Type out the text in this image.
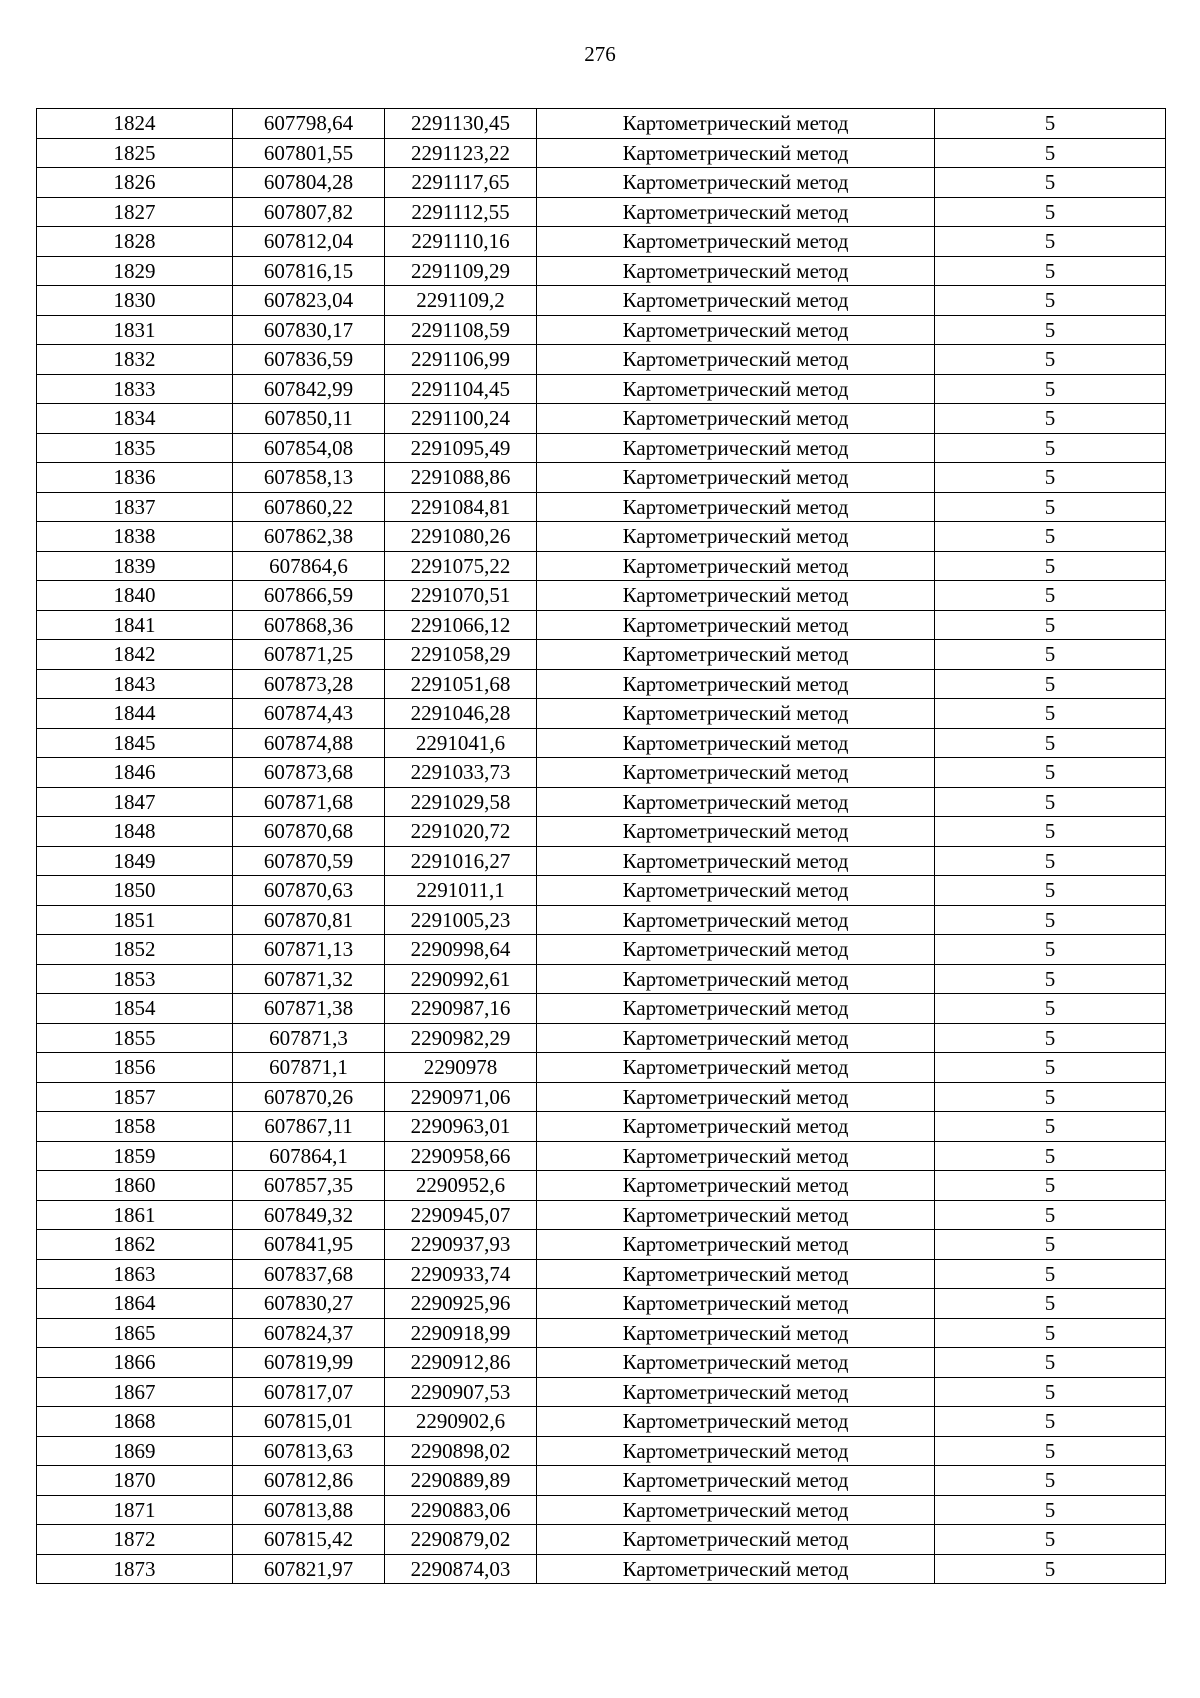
276
1824	607798,64	2291130,45	Картометрический метод	5
1825	607801,55	2291123,22	Картометрический метод	5
1826	607804,28	2291117,65	Картометрический метод	5
1827	607807,82	2291112,55	Картометрический метод	5
1828	607812,04	2291110,16	Картометрический метод	5
1829	607816,15	2291109,29	Картометрический метод	5
1830	607823,04	2291109,2	Картометрический метод	5
1831	607830,17	2291108,59	Картометрический метод	5
1832	607836,59	2291106,99	Картометрический метод	5
1833	607842,99	2291104,45	Картометрический метод	5
1834	607850,11	2291100,24	Картометрический метод	5
1835	607854,08	2291095,49	Картометрический метод	5
1836	607858,13	2291088,86	Картометрический метод	5
1837	607860,22	2291084,81	Картометрический метод	5
1838	607862,38	2291080,26	Картометрический метод	5
1839	607864,6	2291075,22	Картометрический метод	5
1840	607866,59	2291070,51	Картометрический метод	5
1841	607868,36	2291066,12	Картометрический метод	5
1842	607871,25	2291058,29	Картометрический метод	5
1843	607873,28	2291051,68	Картометрический метод	5
1844	607874,43	2291046,28	Картометрический метод	5
1845	607874,88	2291041,6	Картометрический метод	5
1846	607873,68	2291033,73	Картометрический метод	5
1847	607871,68	2291029,58	Картометрический метод	5
1848	607870,68	2291020,72	Картометрический метод	5
1849	607870,59	2291016,27	Картометрический метод	5
1850	607870,63	2291011,1	Картометрический метод	5
1851	607870,81	2291005,23	Картометрический метод	5
1852	607871,13	2290998,64	Картометрический метод	5
1853	607871,32	2290992,61	Картометрический метод	5
1854	607871,38	2290987,16	Картометрический метод	5
1855	607871,3	2290982,29	Картометрический метод	5
1856	607871,1	2290978	Картометрический метод	5
1857	607870,26	2290971,06	Картометрический метод	5
1858	607867,11	2290963,01	Картометрический метод	5
1859	607864,1	2290958,66	Картометрический метод	5
1860	607857,35	2290952,6	Картометрический метод	5
1861	607849,32	2290945,07	Картометрический метод	5
1862	607841,95	2290937,93	Картометрический метод	5
1863	607837,68	2290933,74	Картометрический метод	5
1864	607830,27	2290925,96	Картометрический метод	5
1865	607824,37	2290918,99	Картометрический метод	5
1866	607819,99	2290912,86	Картометрический метод	5
1867	607817,07	2290907,53	Картометрический метод	5
1868	607815,01	2290902,6	Картометрический метод	5
1869	607813,63	2290898,02	Картометрический метод	5
1870	607812,86	2290889,89	Картометрический метод	5
1871	607813,88	2290883,06	Картометрический метод	5
1872	607815,42	2290879,02	Картометрический метод	5
1873	607821,97	2290874,03	Картометрический метод	5
